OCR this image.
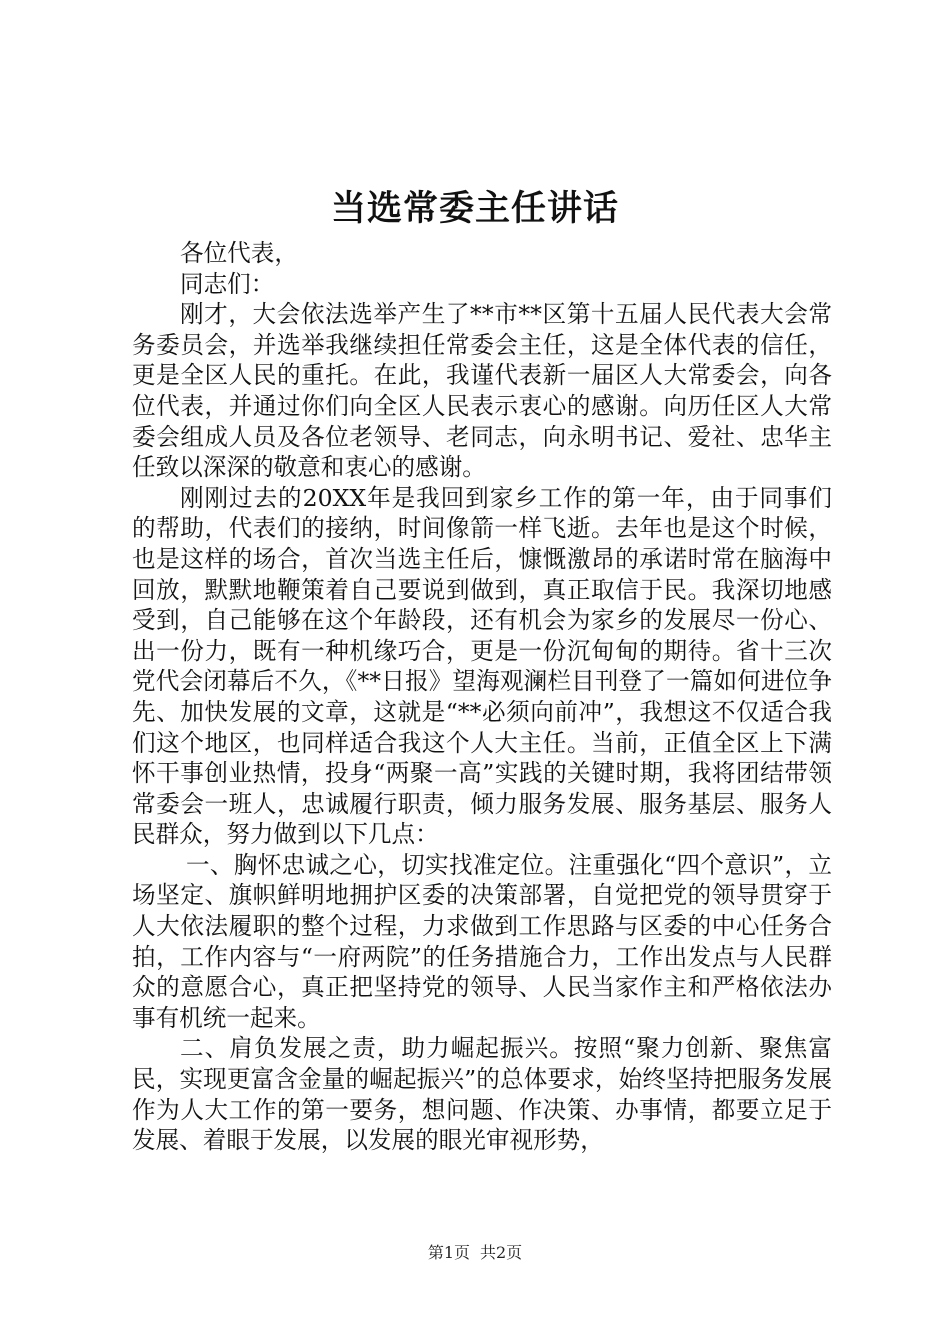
当选常委主任讲话

各位代表，

同志们：

刚才，大会依法选举产生了**市**区第十五届人民代表大会常务委员会，并选举我继续担任常委会主任，这是全体代表的信任，更是全区人民的重托。在此，我谨代表新一届区人大常委会，向各位代表，并通过你们向全区人民表示衷心的感谢。向历任区人大常委会组成人员及各位老领导、老同志，向永明书记、爱社、忠华主任致以深深的敬意和衷心的感谢。

刚刚过去的20XX年是我回到家乡工作的第一年，由于同事们的帮助，代表们的接纳，时间像箭一样飞逝。去年也是这个时候，也是这样的场合，首次当选主任后，慷慨激昂的承诺时常在脑海中回放，默默地鞭策着自己要说到做到，真正取信于民。我深切地感受到，自己能够在这个年龄段，还有机会为家乡的发展尽一份心、出一份力，既有一种机缘巧合，更是一份沉甸甸的期待。省十三次党代会闭幕后不久，《**日报》望海观澜栏目刊登了一篇如何进位争先、加快发展的文章，这就是“**必须向前冲”，我想这不仅适合我们这个地区，也同样适合我这个人大主任。当前，正值全区上下满怀干事创业热情，投身“两聚一高”实践的关键时期，我将团结带领常委会一班人，忠诚履行职责，倾力服务发展、服务基层、服务人民群众，努力做到以下几点：

一、胸怀忠诚之心，切实找准定位。注重强化“四个意识”，立场坚定、旗帜鲜明地拥护区委的决策部署，自觉把党的领导贯穿于人大依法履职的整个过程，力求做到工作思路与区委的中心任务合拍，工作内容与“一府两院”的任务措施合力，工作出发点与人民群众的意愿合心，真正把坚持党的领导、人民当家作主和严格依法办事有机统一起来。

二、肩负发展之责，助力崛起振兴。按照“聚力创新、聚焦富民，实现更富含金量的崛起振兴”的总体要求，始终坚持把服务发展作为人大工作的第一要务，想问题、作决策、办事情，都要立足于发展、着眼于发展，以发展的眼光审视形势，

第1页 共2页
